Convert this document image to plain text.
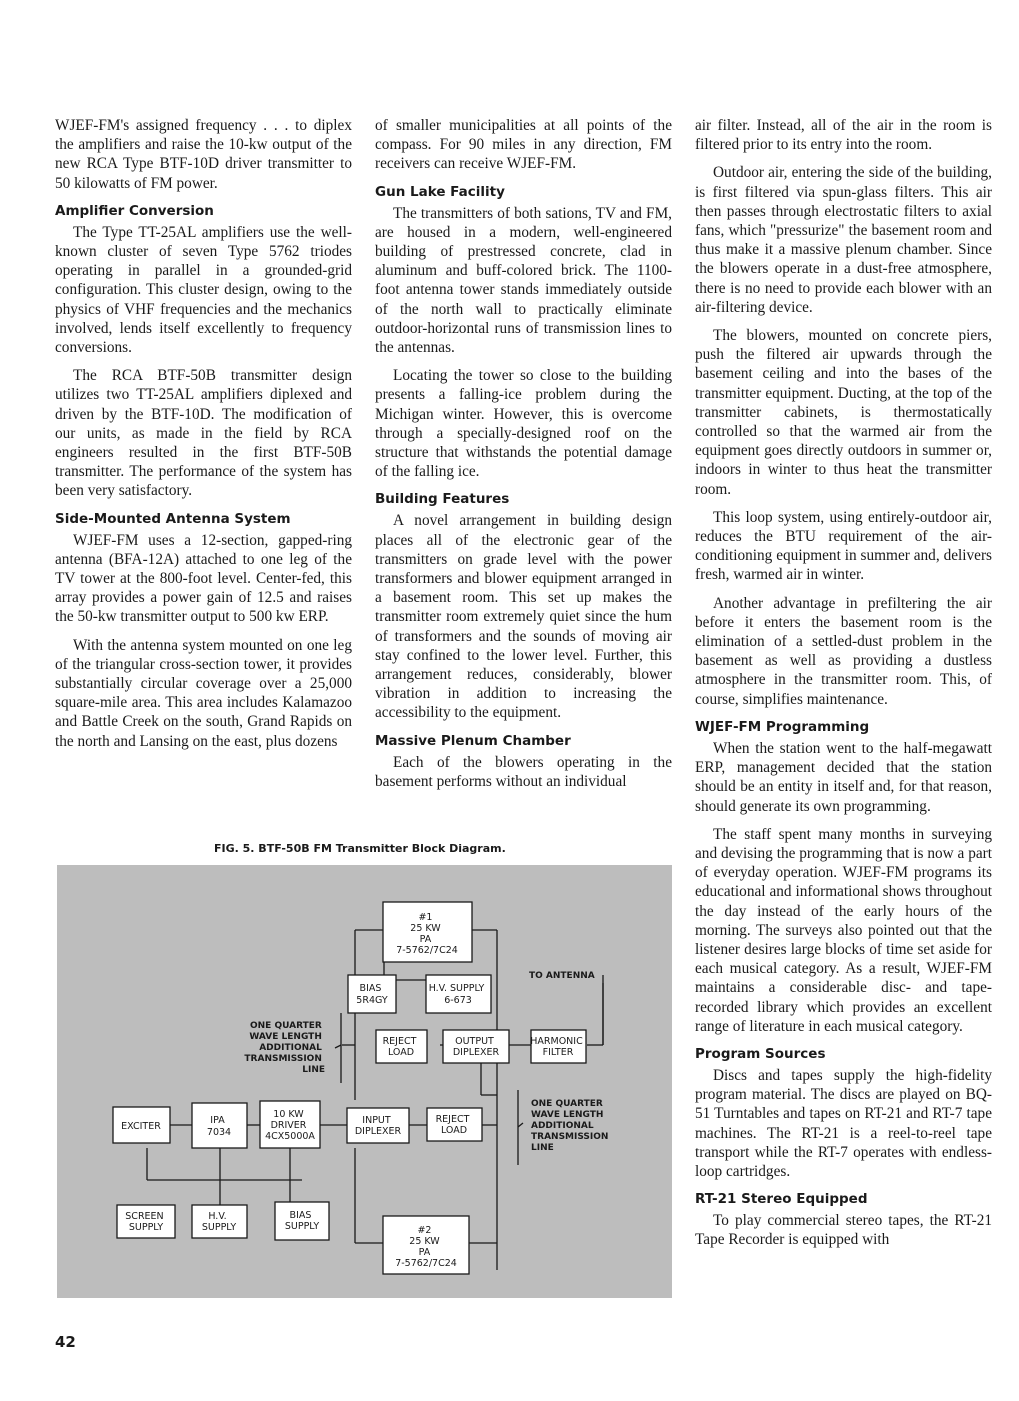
WJEF-FM's assigned frequency . . . to diplex the amplifiers and raise the 10-kw output of the new RCA Type BTF-10D driver transmitter to 50 kilowatts of FM power.

Amplifier Conversion

The Type TT-25AL amplifiers use the well-known cluster of seven Type 5762 triodes operating in parallel in a grounded-grid configuration. This cluster design, owing to the physics of VHF frequencies and the mechanics involved, lends itself excellently to frequency conversions.

The RCA BTF-50B transmitter design utilizes two TT-25AL amplifiers diplexed and driven by the BTF-10D. The modification of our units, as made in the field by RCA engineers resulted in the first BTF-50B transmitter. The performance of the system has been very satisfactory.

Side-Mounted Antenna System

WJEF-FM uses a 12-section, gapped-ring antenna (BFA-12A) attached to one leg of the TV tower at the 800-foot level. Center-fed, this array provides a power gain of 12.5 and raises the 50-kw transmitter output to 500 kw ERP.

With the antenna system mounted on one leg of the triangular cross-section tower, it provides substantially circular coverage over a 25,000 square-mile area. This area includes Kalamazoo and Battle Creek on the south, Grand Rapids on the north and Lansing on the east, plus dozens

of smaller municipalities at all points of the compass. For 90 miles in any direction, FM receivers can receive WJEF-FM.

Gun Lake Facility

The transmitters of both sations, TV and FM, are housed in a modern, well-engineered building of prestressed concrete, clad in aluminum and buff-colored brick. The 1100-foot antenna tower stands immediately outside of the north wall to practically eliminate outdoor-horizontal runs of transmission lines to the antennas.

Locating the tower so close to the building presents a falling-ice problem during the Michigan winter. However, this is overcome through a specially-designed roof on the structure that withstands the potential damage of the falling ice.

Building Features

A novel arrangement in building design places all of the electronic gear of the transmitters on grade level with the power transformers and blower equipment arranged in a basement room. This set up makes the transmitter room extremely quiet since the hum of transformers and the sounds of moving air stay confined to the lower level. Further, this arrangement reduces, considerably, blower vibration in addition to increasing the accessibility to the equipment.

Massive Plenum Chamber

Each of the blowers operating in the basement performs without an individual

air filter. Instead, all of the air in the room is filtered prior to its entry into the room.

Outdoor air, entering the side of the building, is first filtered via spun-glass filters. This air then passes through electrostatic filters to axial fans, which "pressurize" the basement room and thus make it a massive plenum chamber. Since the blowers operate in a dust-free atmosphere, there is no need to provide each blower with an air-filtering device.

The blowers, mounted on concrete piers, push the filtered air upwards through the basement ceiling and into the bases of the transmitter equipment. Ducting, at the top of the transmitter cabinets, is thermostatically controlled so that the warmed air from the equipment goes directly outdoors in summer or, indoors in winter to thus heat the transmitter room.

This loop system, using entirely-outdoor air, reduces the BTU requirement of the air-conditioning equipment in summer and, delivers fresh, warmed air in winter.

Another advantage in prefiltering the air before it enters the basement room is the elimination of a settled-dust problem in the basement as well as providing a dustless atmosphere in the transmitter room. This, of course, simplifies maintenance.

WJEF-FM Programming

When the station went to the half-megawatt ERP, management decided that the station should be an entity in itself and, for that reason, should generate its own programming.

The staff spent many months in surveying and devising the programming that is now a part of everyday operation. WJEF-FM programs its educational and informational shows throughout the day instead of the early hours of the morning. The surveys also pointed out that the listener desires large blocks of time set aside for each musical category. As a result, WJEF-FM maintains a considerable disc- and tape-recorded library which provides an excellent range of literature in each musical category.

Program Sources

Discs and tapes supply the high-fidelity program material. The discs are played on BQ-51 Turntables and tapes on RT-21 and RT-7 tape machines. The RT-21 is a reel-to-reel tape transport while the RT-7 operates with endless-loop cartridges.

RT-21 Stereo Equipped

To play commercial stereo tapes, the RT-21 Tape Recorder is equipped with

FIG. 5. BTF-50B FM Transmitter Block Diagram.
#1 25 KW PA 7-5762/7C24
BIAS 5R4GY
H.V. SUPPLY 6-673
TO ANTENNA
ONE QUARTER WAVE LENGTH ADDITIONAL TRANSMISSION LINE
REJECT LOAD
OUTPUT DIPLEXER
HARMONIC FILTER
EXCITER
IPA 7034
10 KW DRIVER 4CX5000A
INPUT DIPLEXER
REJECT LOAD
ONE QUARTER WAVE LENGTH ADDITIONAL TRANSMISSION LINE
SCREEN SUPPLY
H.V. SUPPLY
BIAS SUPPLY	#2 25 KW PA 7-5762/7C24
42
